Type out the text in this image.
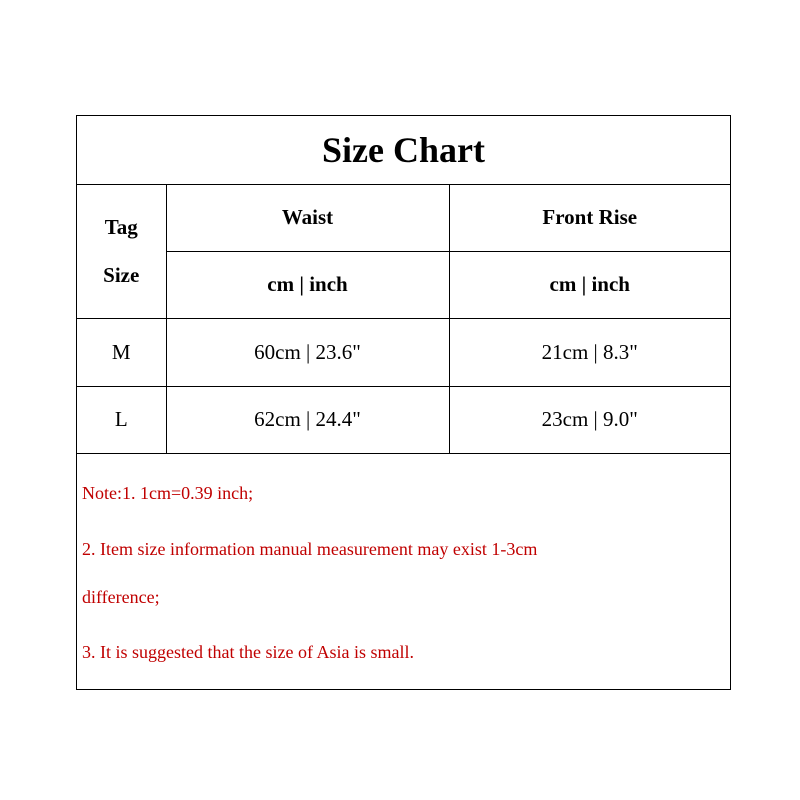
Size Chart
Tag
Size	Waist	Front Rise
	cm | inch	cm | inch
M	60cm | 23.6"	21cm | 8.3"
L	62cm | 24.4"	23cm | 9.0"
Note:1. 1cm=0.39 inch;
2. Item size information manual measurement may exist 1-3cm
difference;
3. It is suggested that the size of Asia is small.
